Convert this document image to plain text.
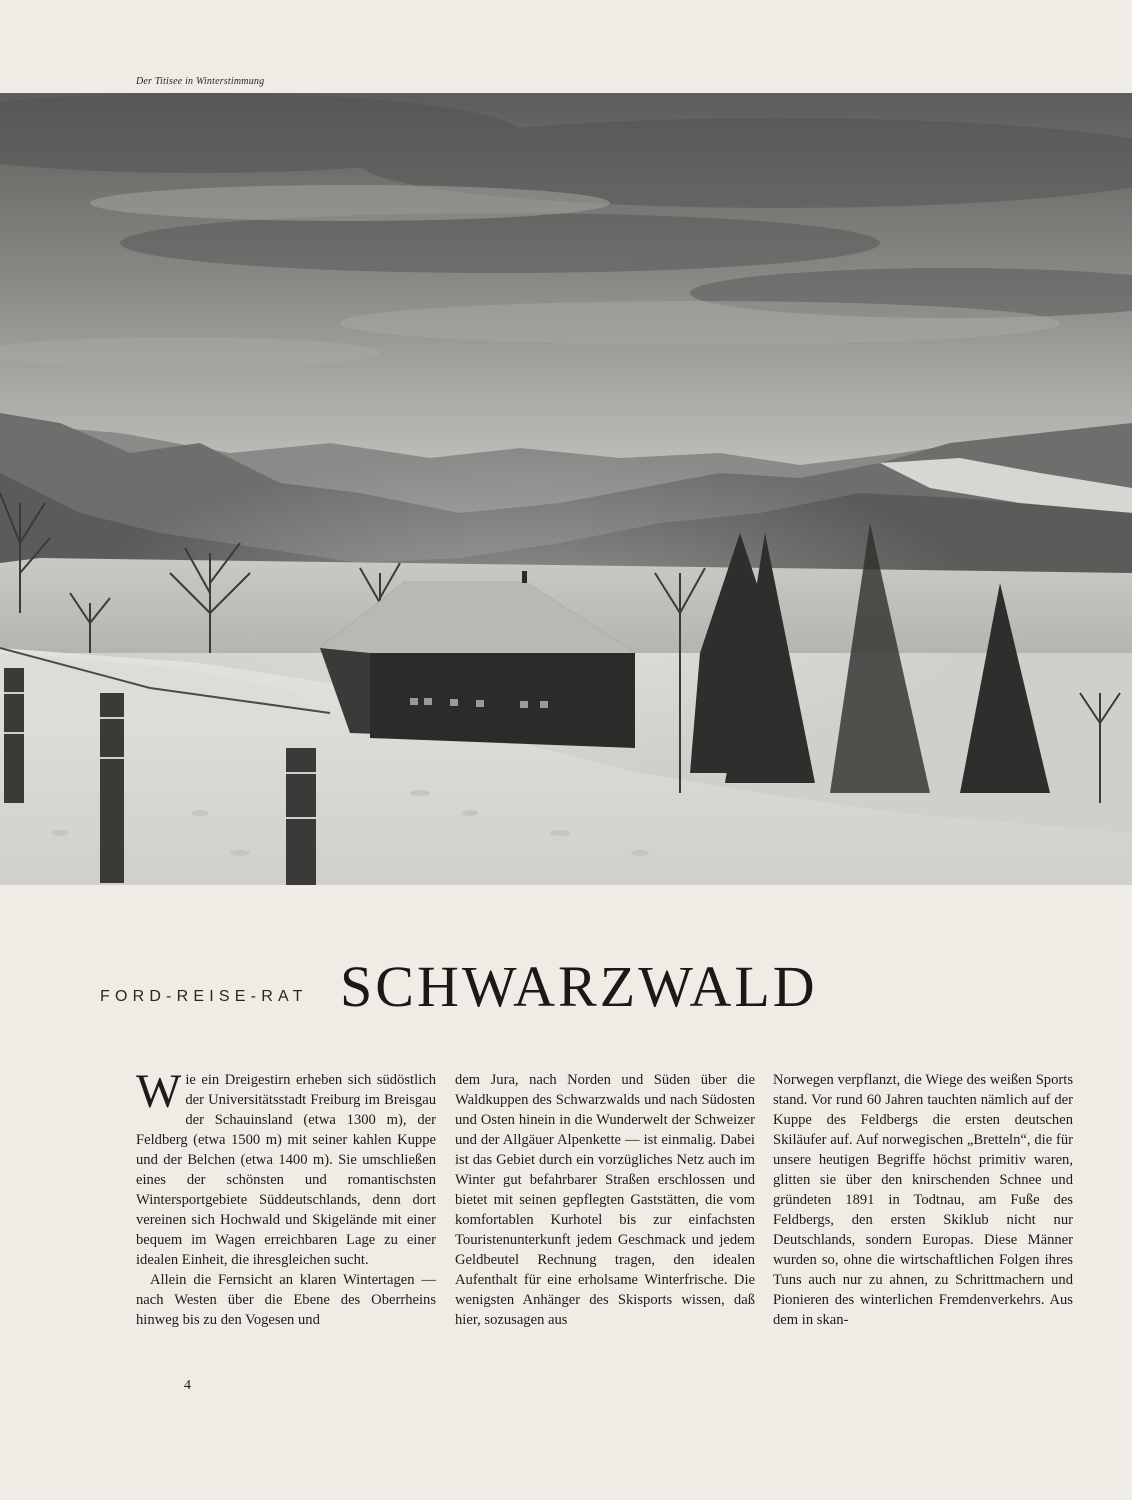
Der Titisee in Winterstimmung
FORD-REISE-RAT SCHWARZWALD

Wie ein Dreigestirn erheben sich südöstlich der Universitätsstadt Freiburg im Breisgau der Schauinsland (etwa 1300 m), der Feldberg (etwa 1500 m) mit seiner kahlen Kuppe und der Belchen (etwa 1400 m). Sie umschließen eines der schönsten und romantischsten Wintersportgebiete Süddeutschlands, denn dort vereinen sich Hochwald und Skigelände mit einer bequem im Wagen erreichbaren Lage zu einer idealen Einheit, die ihresgleichen sucht.

Allein die Fernsicht an klaren Wintertagen — nach Westen über die Ebene des Oberrheins hinweg bis zu den Vogesen und

dem Jura, nach Norden und Süden über die Waldkuppen des Schwarzwalds und nach Südosten und Osten hinein in die Wunderwelt der Schweizer und der Allgäuer Alpenkette — ist einmalig. Dabei ist das Gebiet durch ein vorzügliches Netz auch im Winter gut befahrbarer Straßen erschlossen und bietet mit seinen gepflegten Gaststätten, die vom komfortablen Kurhotel bis zur einfachsten Touristenunterkunft jedem Geschmack und jedem Geldbeutel Rechnung tragen, den idealen Aufenthalt für eine erholsame Winterfrische. Die wenigsten Anhänger des Skisports wissen, daß hier, sozusagen aus

Norwegen verpflanzt, die Wiege des weißen Sports stand. Vor rund 60 Jahren tauchten nämlich auf der Kuppe des Feldbergs die ersten deutschen Skiläufer auf. Auf norwegischen „Bretteln“, die für unsere heutigen Begriffe höchst primitiv waren, glitten sie über den knirschenden Schnee und gründeten 1891 in Todtnau, am Fuße des Feldbergs, den ersten Skiklub nicht nur Deutschlands, sondern Europas. Diese Männer wurden so, ohne die wirtschaftlichen Folgen ihres Tuns auch nur zu ahnen, zu Schrittmachern und Pionieren des winterlichen Fremdenverkehrs. Aus dem in skan-

4
